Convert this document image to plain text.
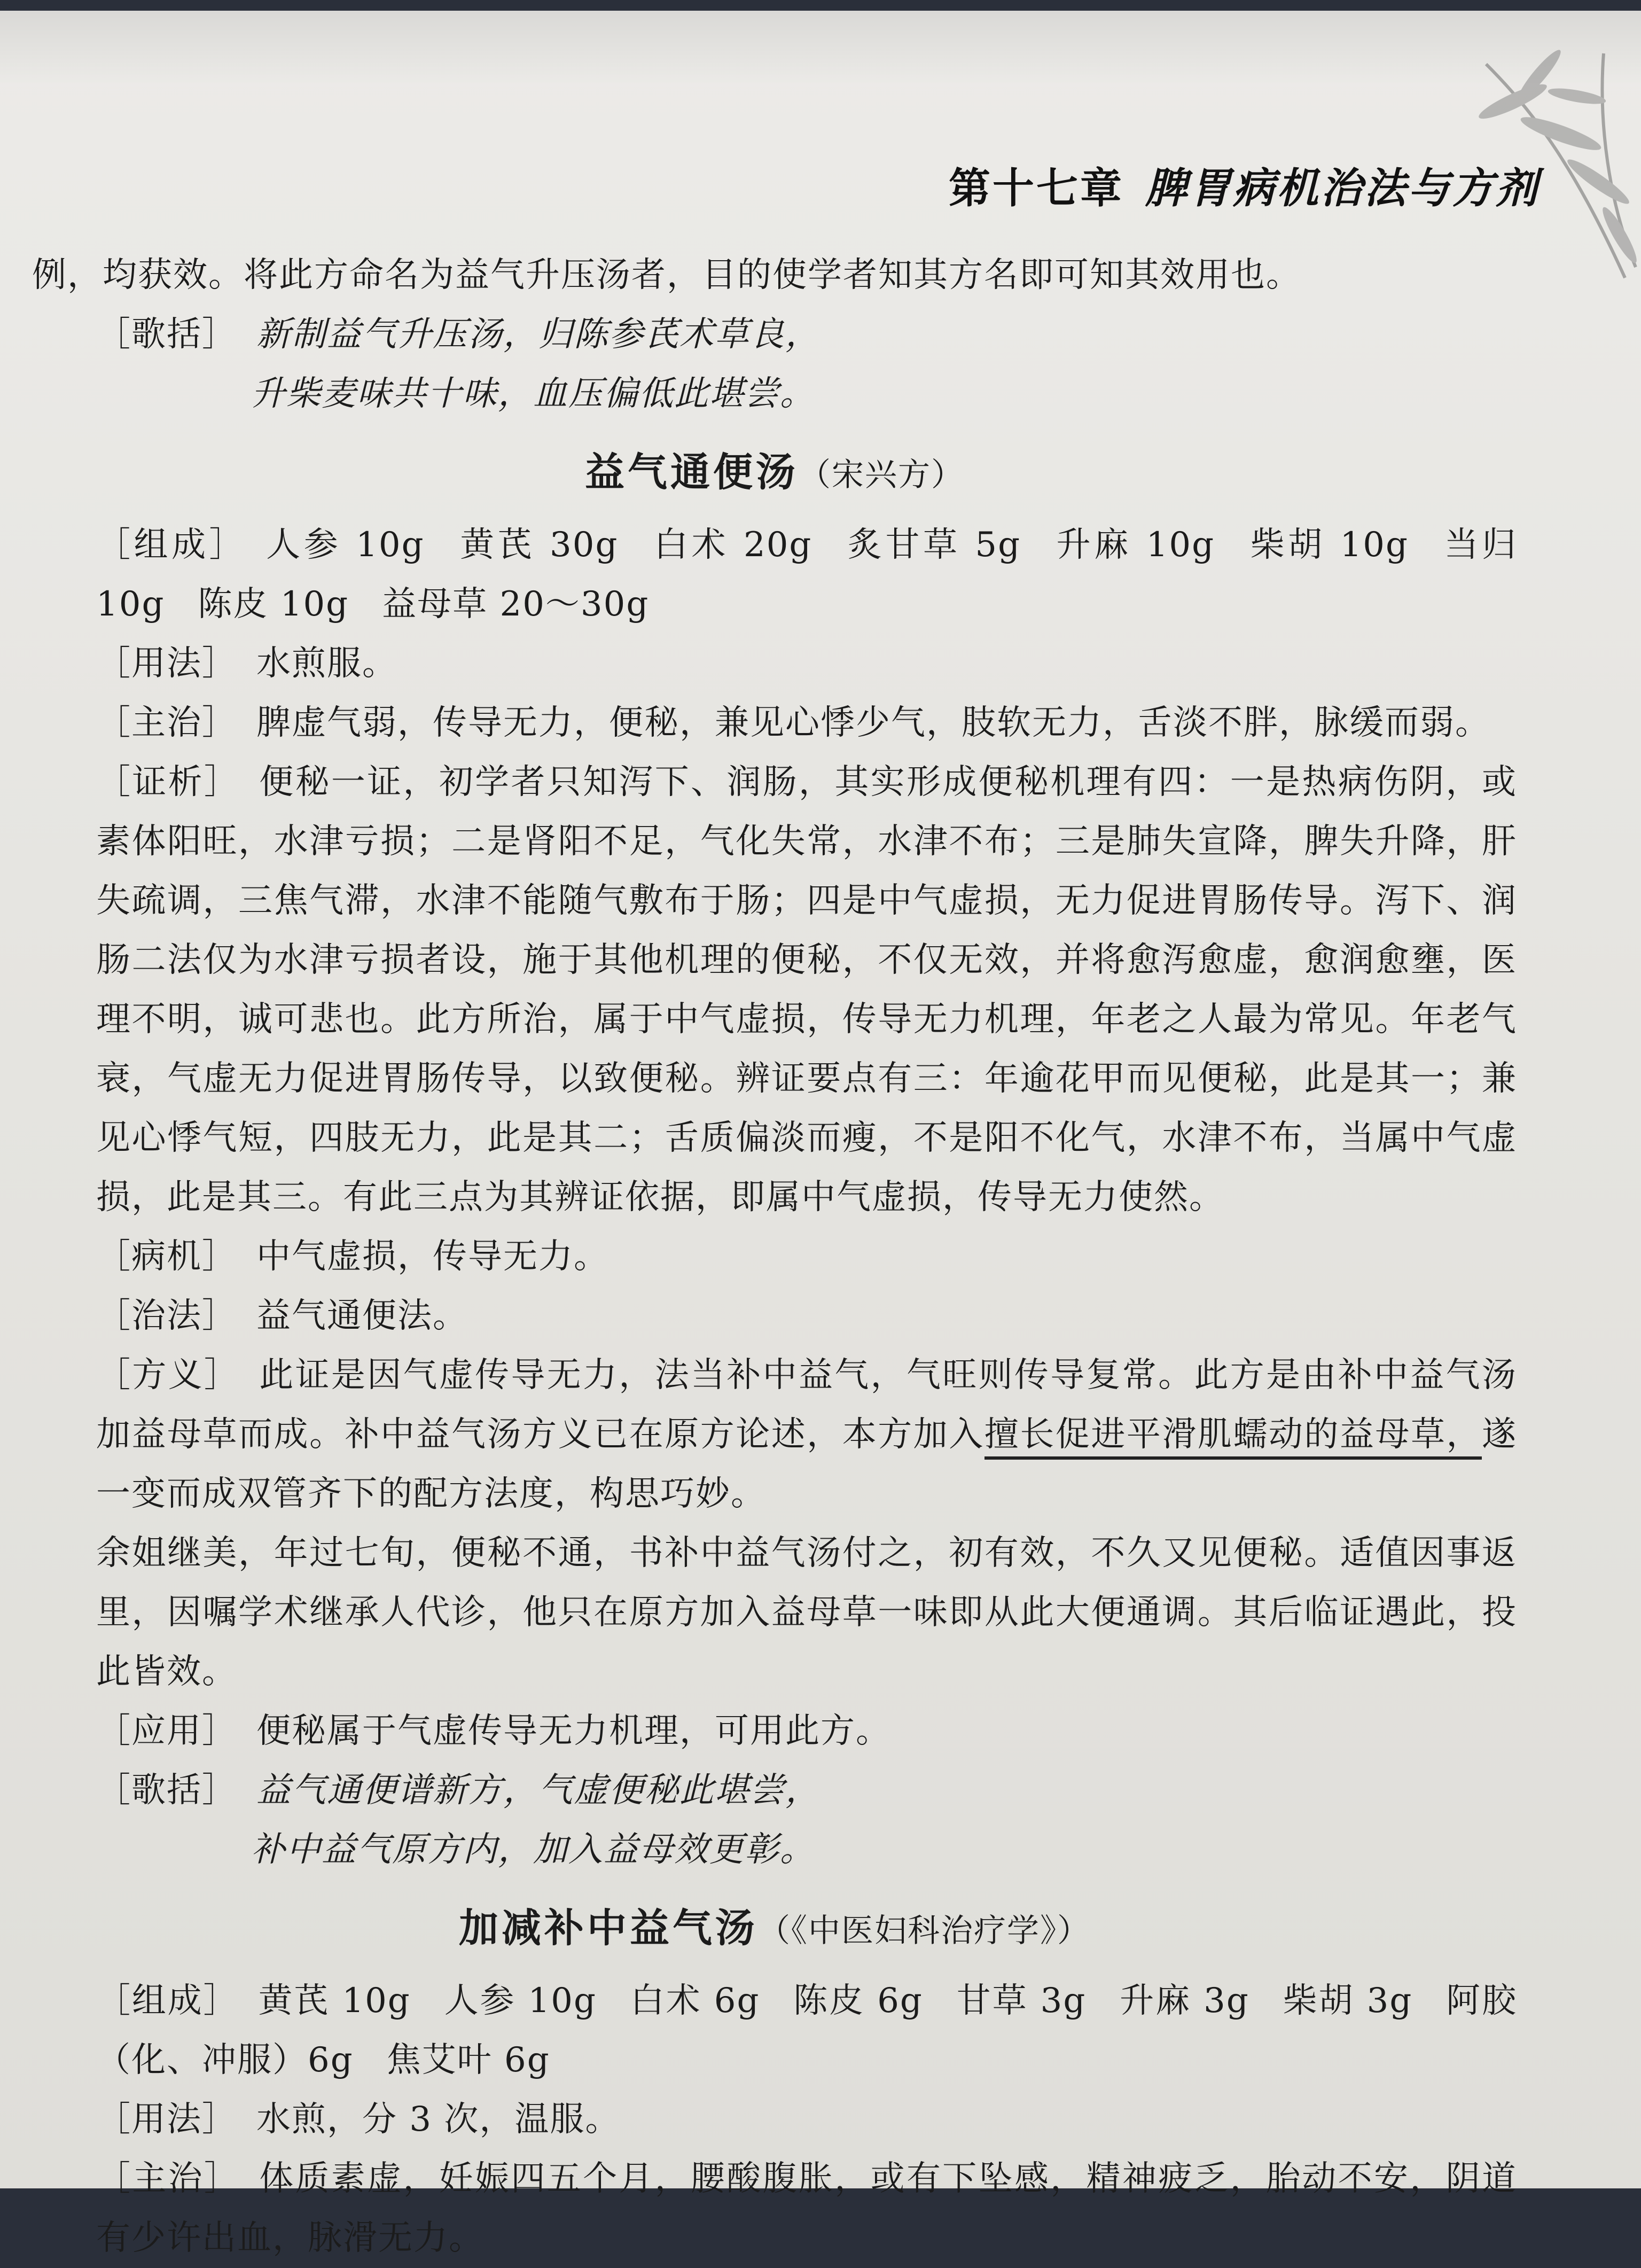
第十七章 脾胃病机治法与方剂

例，均获效。将此方命名为益气升压汤者，目的使学者知其方名即可知其效用也。

［歌括］ 新制益气升压汤，归陈参芪术草良，

升柴麦味共十味，血压偏低此堪尝。

益气通便汤（宋兴方）

［组成］ 人参 10g 黄芪 30g 白术 20g 炙甘草 5g 升麻 10g 柴胡 10g 当归 10g 陈皮 10g 益母草 20～30g

［用法］ 水煎服。

［主治］ 脾虚气弱，传导无力，便秘，兼见心悸少气，肢软无力，舌淡不胖，脉缓而弱。

［证析］ 便秘一证，初学者只知泻下、润肠，其实形成便秘机理有四：一是热病伤阴，或素体阳旺，水津亏损；二是肾阳不足，气化失常，水津不布；三是肺失宣降，脾失升降，肝失疏调，三焦气滞，水津不能随气敷布于肠；四是中气虚损，无力促进胃肠传导。泻下、润肠二法仅为水津亏损者设，施于其他机理的便秘，不仅无效，并将愈泻愈虚，愈润愈壅，医理不明，诚可悲也。此方所治，属于中气虚损，传导无力机理，年老之人最为常见。年老气衰，气虚无力促进胃肠传导，以致便秘。辨证要点有三：年逾花甲而见便秘，此是其一；兼见心悸气短，四肢无力，此是其二；舌质偏淡而瘦，不是阳不化气，水津不布，当属中气虚损，此是其三。有此三点为其辨证依据，即属中气虚损，传导无力使然。

［病机］ 中气虚损，传导无力。

［治法］ 益气通便法。

［方义］ 此证是因气虚传导无力，法当补中益气，气旺则传导复常。此方是由补中益气汤加益母草而成。补中益气汤方义已在原方论述，本方加入擅长促进平滑肌蠕动的益母草，遂一变而成双管齐下的配方法度，构思巧妙。

余姐继美，年过七旬，便秘不通，书补中益气汤付之，初有效，不久又见便秘。适值因事返里，因嘱学术继承人代诊，他只在原方加入益母草一味即从此大便通调。其后临证遇此，投此皆效。

［应用］ 便秘属于气虚传导无力机理，可用此方。

［歌括］ 益气通便谱新方，气虚便秘此堪尝，

补中益气原方内，加入益母效更彰。

加减补中益气汤（《中医妇科治疗学》）

［组成］ 黄芪 10g 人参 10g 白术 6g 陈皮 6g 甘草 3g 升麻 3g 柴胡 3g 阿胶（化、冲服）6g 焦艾叶 6g

［用法］ 水煎，分 3 次，温服。

［主治］ 体质素虚，妊娠四五个月，腰酸腹胀，或有下坠感，精神疲乏，胎动不安，阴道有少许出血，脉滑无力。
